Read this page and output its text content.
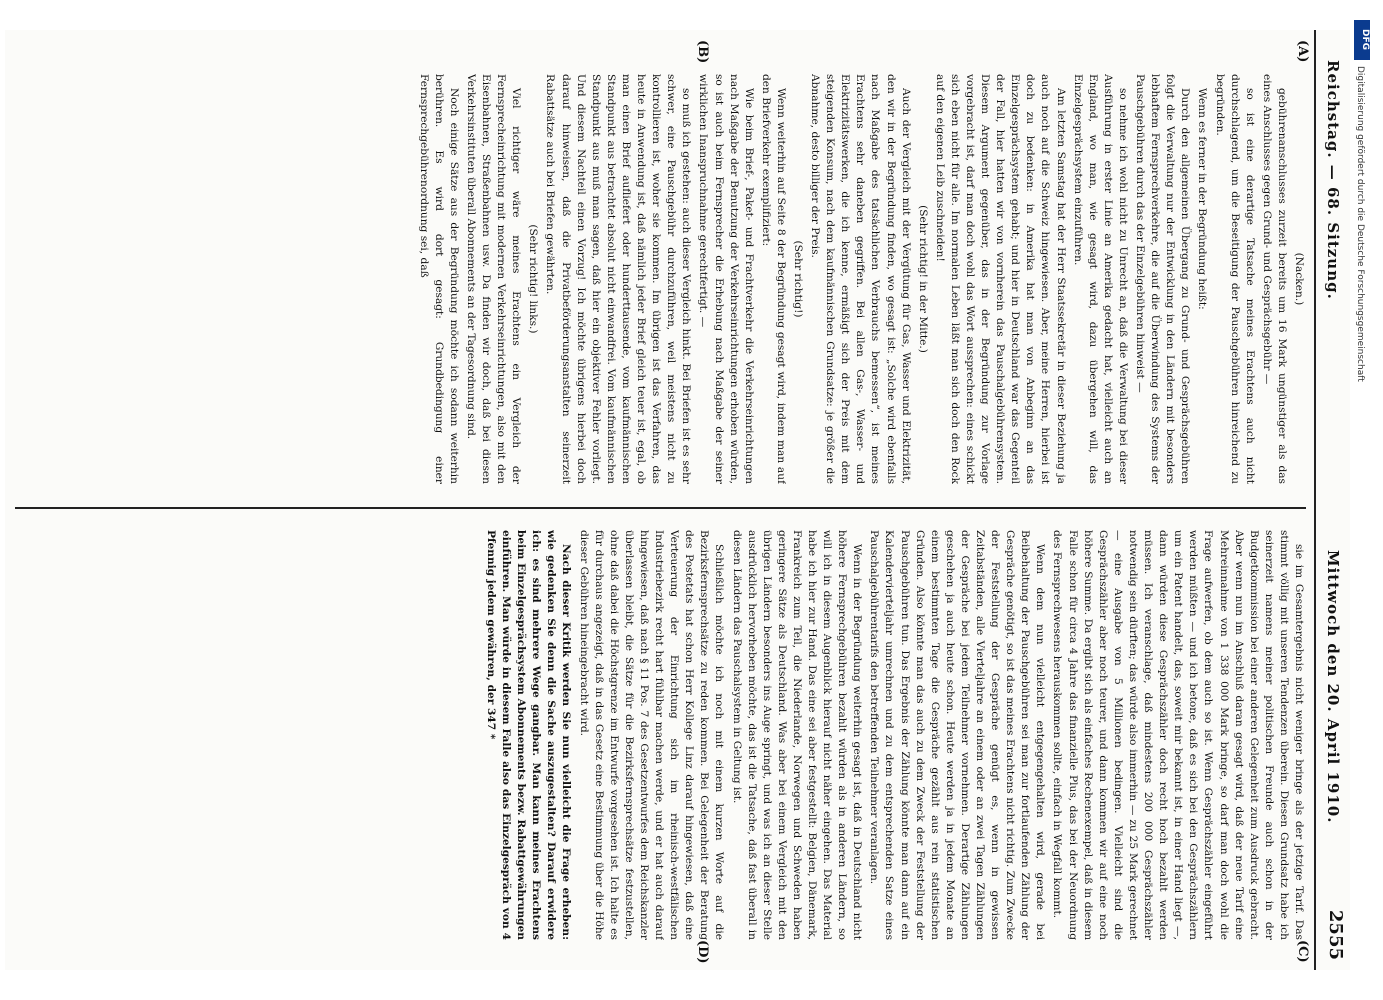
Reichstag. — 68. Sitzung.
Mittwoch den 20. April 1910.
2555
(A)
(B)
(C)
(D)

(Nacken.)

gebührenanschlusses zurzeit bereits um 16 Mark ungünstiger als das eines Anschlusses gegen Grund- und Gesprächsgebühr —

so ist eine derartige Tatsache meines Erachtens auch nicht durchschlagend, um die Beseitigung der Pauschgebühren hinreichend zu begründen.

Wenn es ferner in der Begründung heißt:

Durch den allgemeinen Übergang zu Grund- und Gesprächsgebühren folgt die Verwaltung nur der Entwicklung in den Ländern mit besonders lebhaftem Fernsprechverkehre, die auf die Überwindung des Systems der Pauschgebühren durch das der Einzelgebühren hinweist —

so nehme ich wohl nicht zu Unrecht an, daß die Verwaltung bei dieser Ausführung in erster Linie an Amerika gedacht hat, vielleicht auch an England, wo man, wie gesagt wird, dazu übergehen will, das Einzelgesprächsystem einzuführen.

Am letzten Samstag hat der Herr Staatssekretär in dieser Beziehung ja auch noch auf die Schweiz hingewiesen. Aber, meine Herren, hierbei ist doch zu bedenken: in Amerika hat man von Anbeginn an das Einzelgesprächsystem gehabt; und hier in Deutschland war das Gegenteil der Fall, hier hatten wir von vornherein das Pauschalgebührensystem. Diesem Argument gegenüber, das in der Begründung zur Vorlage vorgebracht ist, darf man doch wohl das Wort aussprechen: eines schickt sich eben nicht für alle. Im normalen Leben läßt man sich doch den Rock auf den eigenen Leib zuschneiden!

(Sehr richtig! in der Mitte.)

Auch der Vergleich mit der Vergütung für Gas, Wasser und Elektrizität, den wir in der Begründung finden, wo gesagt ist: „Solche wird ebenfalls nach Maßgabe des tatsächlichen Verbrauchs bemessen“, ist meines Erachtens sehr daneben gegriffen. Bei allen Gas-, Wasser- und Elektrizitätswerken, die ich kenne, ermäßigt sich der Preis mit dem steigenden Konsum, nach dem kaufmännischen Grundsatze: je größer die Abnahme, desto billiger der Preis.

(Sehr richtig!)

Wenn weiterhin auf Seite 8 der Begründung gesagt wird, indem man auf den Briefverkehr exemplifiziert:

Wie beim Brief-, Paket- und Frachtverkehr die Verkehrseinrichtungen nach Maßgabe der Benutzung der Verkehrseinrichtungen erhoben würden, so ist auch beim Fernsprecher die Erhebung nach Maßgabe der seiner wirklichen Inanspruchnahme gerechtfertigt. —

so muß ich gestehen: auch dieser Vergleich hinkt. Bei Briefen ist es sehr schwer, eine Pauschgebühr durchzuführen, weil meistens nicht zu kontrollieren ist, woher sie kommen. Im übrigen ist das Verfahren, das heute in Anwendung ist, daß nämlich jeder Brief gleich teuer ist, egal, ob man einen Brief aufliefert oder hunderttausende, vom kaufmännischen Standpunkt aus betrachtet absolut nicht einwandfrei. Vom kaufmännischen Standpunkt aus muß man sagen, daß hier ein objektiver Fehler vorliegt. Und diesem Nachteil einen Vorzug! Ich möchte übrigens hierbei doch darauf hinweisen, daß die Privatbeförderungsanstalten seinerzeit Rabattsätze auch bei Briefen gewährten.

(Sehr richtig! links.)

Viel richtiger wäre meines Erachtens ein Vergleich der Fernsprecheinrichtung mit modernen Verkehrseinrichtungen, also mit den Eisenbahnen, Straßenbahnen usw. Da finden wir doch, daß bei diesen Verkehrsinstituten überall Abonnements an der Tagesordnung sind.

Noch einige Sätze aus der Begründung möchte ich sodann weiterhin berühren. Es wird dort gesagt: Grundbedingung einer Fernsprechgebührenordnung sei, daß

sie im Gesamtergebnis nicht weniger bringe als der jetzige Tarif. Das stimmt völlig mit unseren Tendenzen überein. Diesen Grundsatz habe ich seinerzeit namens meiner politischen Freunde auch schon in der Budgetkommission bei einer anderen Gelegenheit zum Ausdruck gebracht. Aber wenn nun im Anschluß daran gesagt wird, daß der neue Tarif eine Mehreinnahme von 1 338 000 Mark bringe, so darf man doch wohl die Frage aufwerfen, ob dem auch so ist. Wenn Gesprächszähler eingeführt werden müßten — und ich betone, daß es sich bei den Gesprächszählern um ein Patent handelt, das, soweit mir bekannt ist, in einer Hand liegt —, dann würden diese Gesprächszähler doch recht hoch bezahlt werden müssen. Ich veranschlage, daß mindestens 200 000 Gesprächszähler notwendig sein dürften; das würde also immerhin — zu 25 Mark gerechnet — eine Ausgabe von 5 Millionen bedingen. Vielleicht sind die Gesprächszähler aber noch teurer, und dann kommen wir auf eine noch höhere Summe. Da ergibt sich als einfaches Rechenexempel, daß in diesem Falle schon für circa 4 Jahre das finanzielle Plus, das bei der Neuordnung des Fernsprechwesens herauskommen sollte, einfach in Wegfall kommt.

Wenn dem nun vielleicht entgegengehalten wird, gerade bei Beibehaltung der Pauschgebühren sei man zur fortlaufenden Zählung der Gespräche genötigt, so ist das meines Erachtens nicht richtig. Zum Zwecke der Feststellung der Gespräche genügt es, wenn in gewissen Zeitabständen, alle Vierteljahre an einem oder an zwei Tagen Zählungen der Gespräche bei jedem Teilnehmer vornehmen. Derartige Zählungen geschehen ja auch heute schon. Heute werden ja in jedem Monate an einem bestimmten Tage die Gespräche gezählt aus rein statistischen Gründen. Also könnte man das auch zu dem Zweck der Feststellung der Pauschgebühren tun. Das Ergebnis der Zählung könnte man dann auf ein Kalendervierteljahr umrechnen und zu dem entsprechenden Satze eines Pauschalgebührentarifs den betreffenden Teilnehmer veranlagen.

Wenn in der Begründung weiterhin gesagt ist, daß in Deutschland nicht höhere Fernsprechgebühren bezahlt würden als in anderen Ländern, so will ich in diesem Augenblick hierauf nicht näher eingehen. Das Material habe ich hier zur Hand. Das eine sei aber festgestellt: Belgien, Dänemark, Frankreich zum Teil, die Niederlande, Norwegen und Schweden haben geringere Sätze als Deutschland. Was aber bei einem Vergleich mit den übrigen Ländern besonders ins Auge springt, und was ich an dieser Stelle ausdrücklich hervorheben möchte, das ist die Tatsache, daß fast überall in diesen Ländern das Pauschalsystem in Geltung ist.

Schließlich möchte ich noch mit einem kurzen Worte auf die Bezirksfernsprechsätze zu reden kommen. Bei Gelegenheit der Beratung des Postetats hat schon Herr Kollege Linz darauf hingewiesen, daß eine Verteuerung der Einrichtung sich im rheinisch-westfälischen Industriebezirk recht hart fühlbar machen werde, und er hat auch darauf hingewiesen, daß nach § 11 Pos. 7 des Gesetzentwurfes dem Reichskanzler überlassen bleibt, die Sätze für die Bezirksfernsprechsätze festzustellen, ohne daß dabei die Höchstgrenze im Entwurfe vorgesehen ist. Ich halte es für durchaus angezeigt, daß in das Gesetz eine Bestimmung über die Höhe dieser Gebühren hineingebracht wird.

Nach dieser Kritik werden Sie nun vielleicht die Frage erheben: wie gedenken Sie denn die Sache auszugestalten? Darauf erwidere ich: es sind mehrere Wege gangbar. Man kann meines Erachtens beim Einzelgesprächsystem Abonnements bezw. Rabattgewährungen einführen. Man würde in diesem Falle also das Einzelgespräch von 4 Pfennig jedem gewähren, der 347 *

DFG
Digitalisierung gefördert durch die Deutsche Forschungsgemeinschaft
